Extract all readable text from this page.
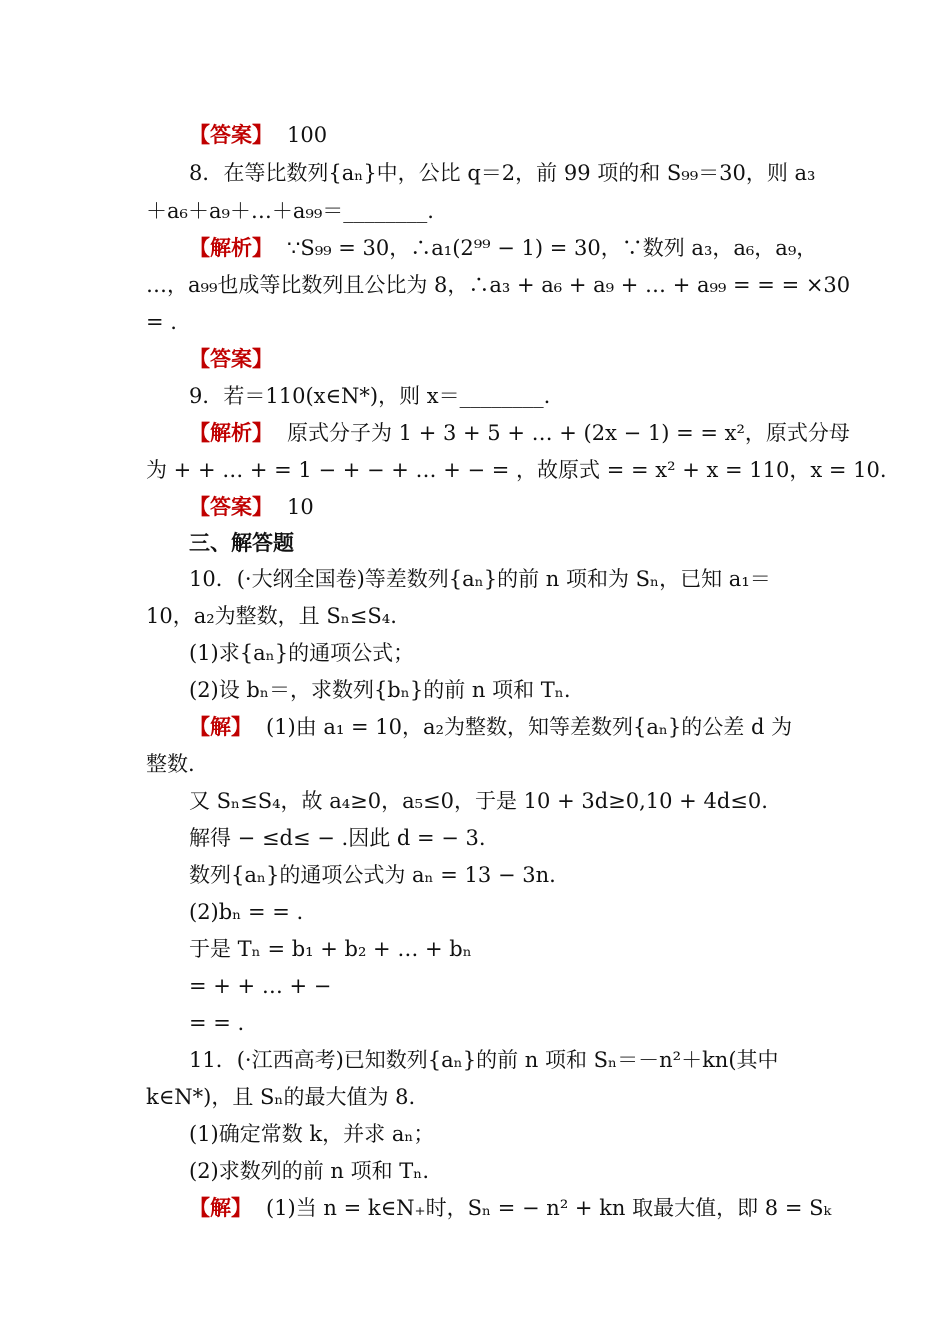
【答案】 100
8．在等比数列{aₙ}中，公比 q＝2，前 99 项的和 S₉₉＝30，则 a₃
＋a₆＋a₉＋…＋a₉₉＝________.
【解析】 ∵S₉₉ = 30，∴a₁(2⁹⁹ − 1) = 30，∵数列 a₃，a₆，a₉，
…，a₉₉也成等比数列且公比为 8，∴a₃ + a₆ + a₉ + … + a₉₉ = = = ×30
= .
【答案】
9．若＝110(x∈N*)，则 x＝________.
【解析】 原式分子为 1 + 3 + 5 + … + (2x − 1) = = x²，原式分母
为 + + … + = 1 − + − + … + − = ，故原式 = = x² + x = 110，x = 10.
【答案】 10
三、解答题
10．(·大纲全国卷)等差数列{aₙ}的前 n 项和为 Sₙ，已知 a₁＝
10，a₂为整数，且 Sₙ≤S₄.
(1)求{aₙ}的通项公式；
(2)设 bₙ＝，求数列{bₙ}的前 n 项和 Tₙ.
【解】 (1)由 a₁ = 10，a₂为整数，知等差数列{aₙ}的公差 d 为
整数.
又 Sₙ≤S₄，故 a₄≥0，a₅≤0，于是 10 + 3d≥0,10 + 4d≤0.
解得 − ≤d≤ − .因此 d = − 3.
数列{aₙ}的通项公式为 aₙ = 13 − 3n.
(2)bₙ = = .
于是 Tₙ = b₁ + b₂ + … + bₙ
= + + … + −
= = .
11．(·江西高考)已知数列{aₙ}的前 n 项和 Sₙ＝－n²＋kn(其中
k∈N*)，且 Sₙ的最大值为 8.
(1)确定常数 k，并求 aₙ；
(2)求数列的前 n 项和 Tₙ.
【解】 (1)当 n = k∈N₊时，Sₙ = − n² + kn 取最大值，即 8 = Sₖ
